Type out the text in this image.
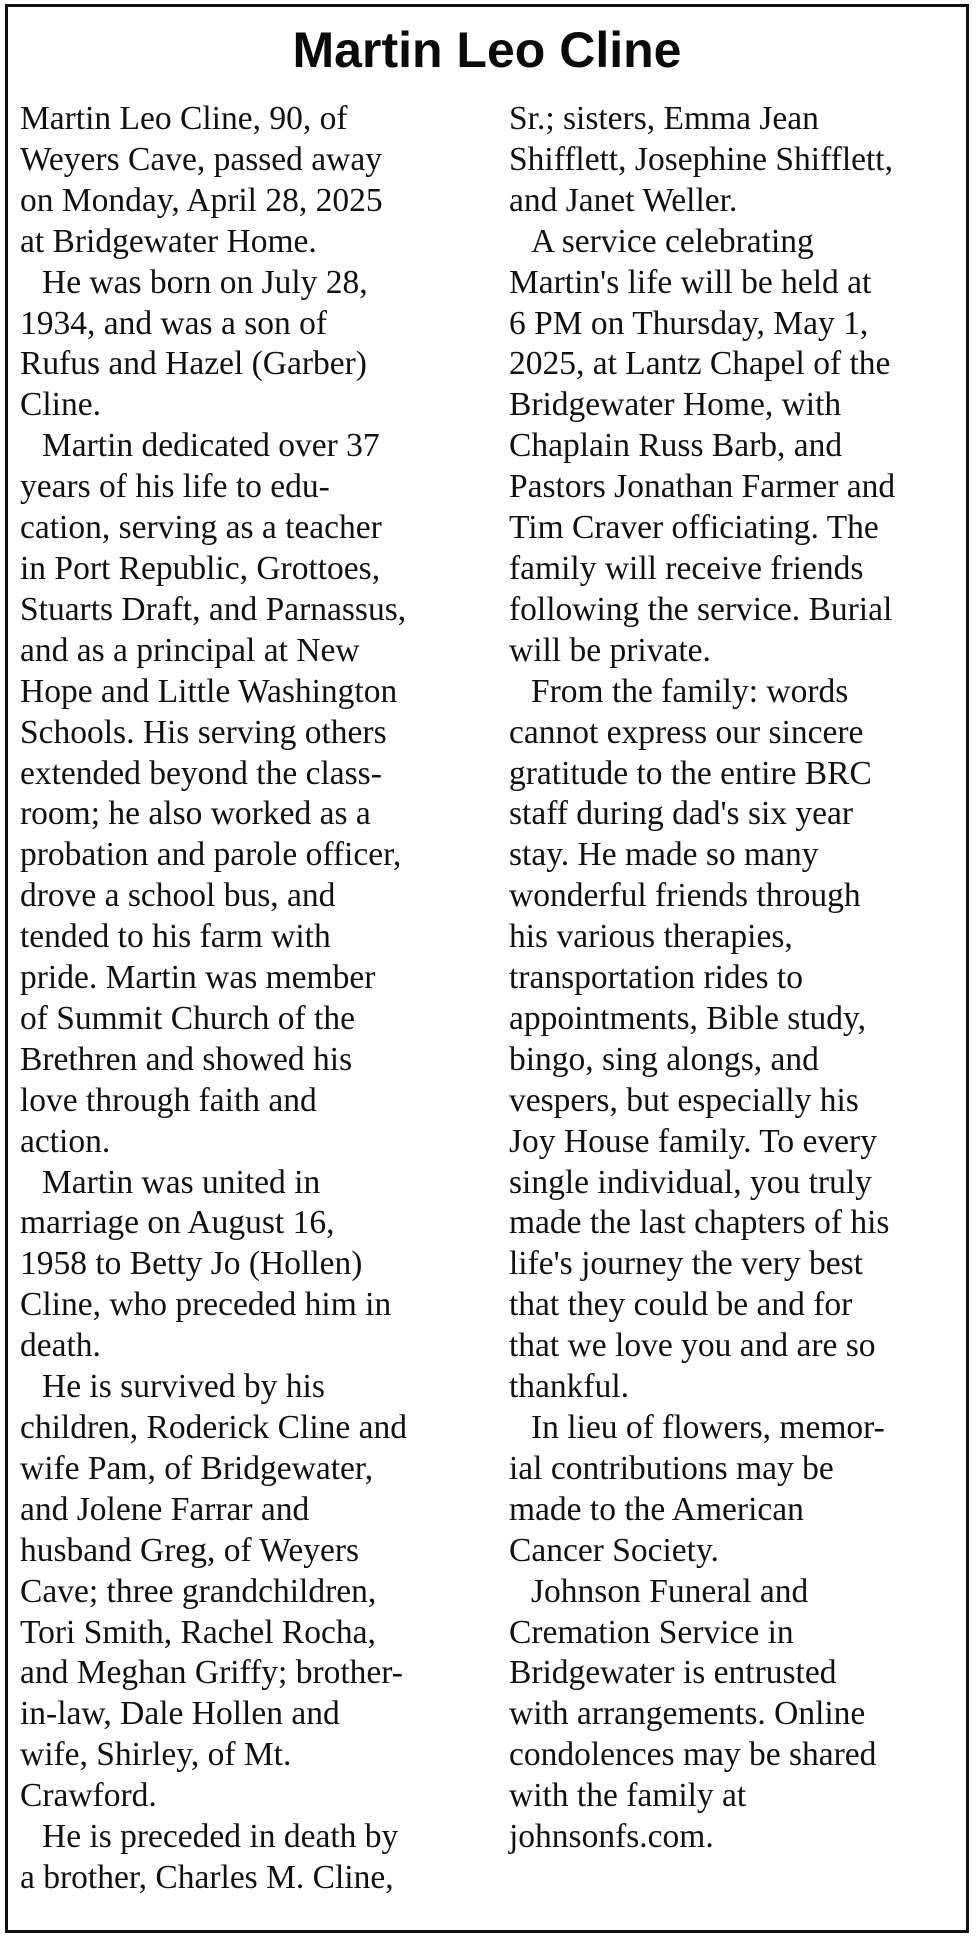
Martin Leo Cline
Martin Leo Cline, 90, of
Weyers Cave, passed away
on Monday, April 28, 2025
at Bridgewater Home.
He was born on July 28,
1934, and was a son of
Rufus and Hazel (Garber)
Cline.
Martin dedicated over 37
years of his life to edu-
cation, serving as a teacher
in Port Republic, Grottoes,
Stuarts Draft, and Parnassus,
and as a principal at New
Hope and Little Washington
Schools. His serving others
extended beyond the class-
room; he also worked as a
probation and parole officer,
drove a school bus, and
tended to his farm with
pride. Martin was member
of Summit Church of the
Brethren and showed his
love through faith and
action.
Martin was united in
marriage on August 16,
1958 to Betty Jo (Hollen)
Cline, who preceded him in
death.
He is survived by his
children, Roderick Cline and
wife Pam, of Bridgewater,
and Jolene Farrar and
husband Greg, of Weyers
Cave; three grandchildren,
Tori Smith, Rachel Rocha,
and Meghan Griffy; brother-
in-law, Dale Hollen and
wife, Shirley, of Mt.
Crawford.
He is preceded in death by
a brother, Charles M. Cline,
Sr.; sisters, Emma Jean
Shifflett, Josephine Shifflett,
and Janet Weller.
A service celebrating
Martin's life will be held at
6 PM on Thursday, May 1,
2025, at Lantz Chapel of the
Bridgewater Home, with
Chaplain Russ Barb, and
Pastors Jonathan Farmer and
Tim Craver officiating. The
family will receive friends
following the service. Burial
will be private.
From the family: words
cannot express our sincere
gratitude to the entire BRC
staff during dad's six year
stay. He made so many
wonderful friends through
his various therapies,
transportation rides to
appointments, Bible study,
bingo, sing alongs, and
vespers, but especially his
Joy House family. To every
single individual, you truly
made the last chapters of his
life's journey the very best
that they could be and for
that we love you and are so
thankful.
In lieu of flowers, memor-
ial contributions may be
made to the American
Cancer Society.
Johnson Funeral and
Cremation Service in
Bridgewater is entrusted
with arrangements. Online
condolences may be shared
with the family at
johnsonfs.com.
